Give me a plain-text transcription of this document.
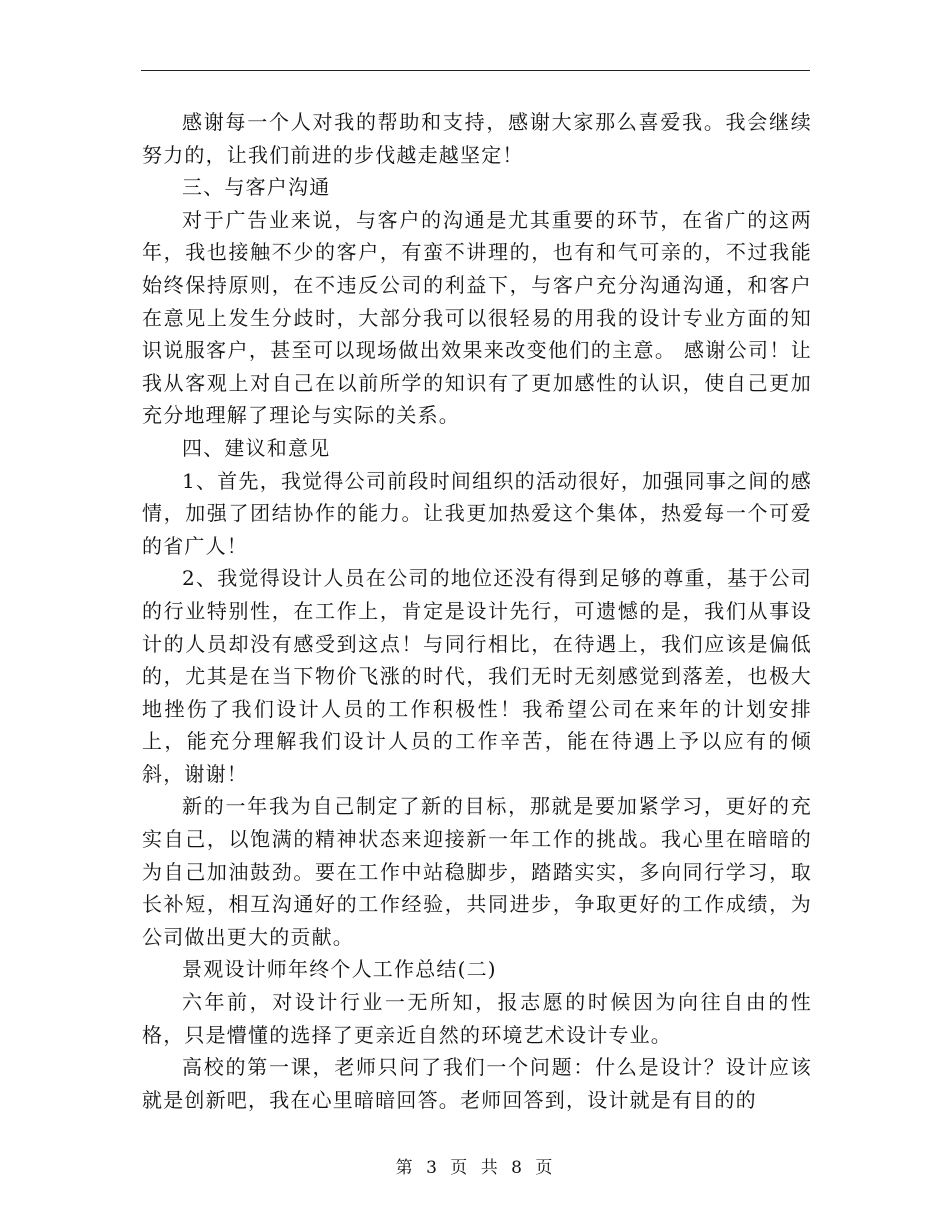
感谢每一个人对我的帮助和支持，感谢大家那么喜爱我。我会继续努力的，让我们前进的步伐越走越坚定！

三、与客户沟通

对于广告业来说，与客户的沟通是尤其重要的环节，在省广的这两年，我也接触不少的客户，有蛮不讲理的，也有和气可亲的，不过我能始终保持原则，在不违反公司的利益下，与客户充分沟通沟通，和客户在意见上发生分歧时，大部分我可以很轻易的用我的设计专业方面的知识说服客户，甚至可以现场做出效果来改变他们的主意。 感谢公司！让我从客观上对自己在以前所学的知识有了更加感性的认识，使自己更加充分地理解了理论与实际的关系。

四、建议和意见

1、首先，我觉得公司前段时间组织的活动很好，加强同事之间的感情，加强了团结协作的能力。让我更加热爱这个集体，热爱每一个可爱的省广人！

2、我觉得设计人员在公司的地位还没有得到足够的尊重，基于公司的行业特别性，在工作上，肯定是设计先行，可遗憾的是，我们从事设计的人员却没有感受到这点！与同行相比，在待遇上，我们应该是偏低的，尤其是在当下物价飞涨的时代，我们无时无刻感觉到落差，也极大地挫伤了我们设计人员的工作积极性！我希望公司在来年的计划安排上，能充分理解我们设计人员的工作辛苦，能在待遇上予以应有的倾斜，谢谢！

新的一年我为自己制定了新的目标，那就是要加紧学习，更好的充实自己，以饱满的精神状态来迎接新一年工作的挑战。我心里在暗暗的为自己加油鼓劲。要在工作中站稳脚步，踏踏实实，多向同行学习，取长补短，相互沟通好的工作经验，共同进步，争取更好的工作成绩，为公司做出更大的贡献。

景观设计师年终个人工作总结(二)

六年前，对设计行业一无所知，报志愿的时候因为向往自由的性格，只是懵懂的选择了更亲近自然的环境艺术设计专业。

高校的第一课，老师只问了我们一个问题：什么是设计？设计应该就是创新吧，我在心里暗暗回答。老师回答到，设计就是有目的的

第 3 页 共 8 页
